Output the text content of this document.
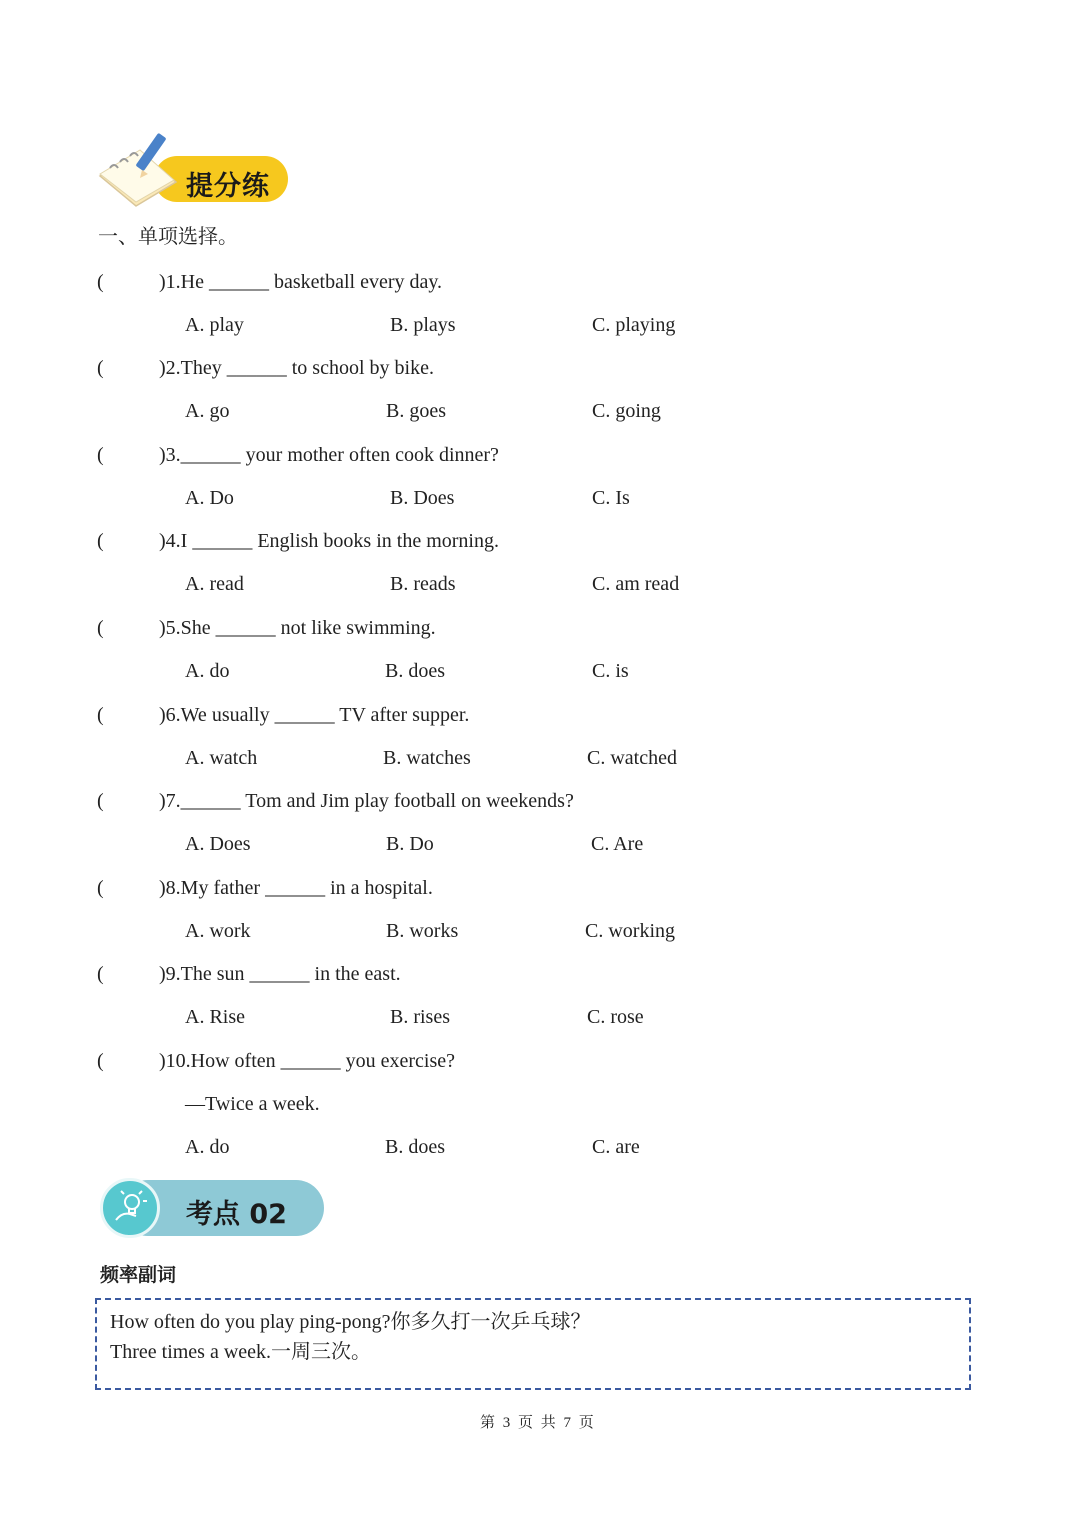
提分练
一、单项选择。
(	)1.He ______ basketball every day.
A. play	B. plays	C. playing
(	)2.They ______ to school by bike.
A. go	B. goes	C. going
(	)3.______ your mother often cook dinner?
A. Do	B. Does	C. Is
(	)4.I ______ English books in the morning.
A. read	B. reads	C. am read
(	)5.She ______ not like swimming.
A. do	B. does	C. is
(	)6.We usually ______ TV after supper.
A. watch	B. watches	C. watched
(	)7.______ Tom and Jim play football on weekends?
A. Does	B. Do	C. Are
(	)8.My father ______ in a hospital.
A. work	B. works	C. working
(	)9.The sun ______ in the east.
A. Rise	B. rises	C. rose
(	)10.How often ______ you exercise?
—Twice a week.
A. do	B. does	C. are
考点 02
频率副词
How often do you play ping-pong?你多久打一次乒乓球？
Three times a week.一周三次。
第 3 页 共 7 页
